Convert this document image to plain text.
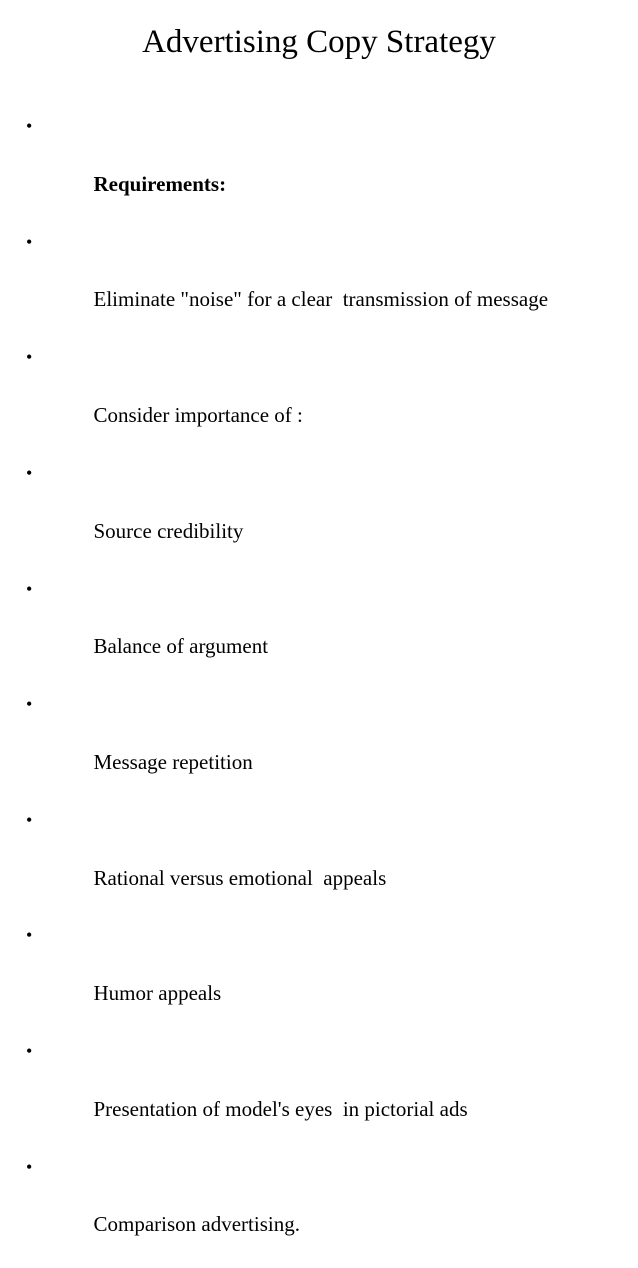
Advertising Copy Strategy

•

Requirements:

•

Eliminate "noise" for a clear  transmission of message

•

Consider importance of :

•

Source credibility

•

Balance of argument

•

Message repetition

•

Rational versus emotional  appeals

•

Humor appeals

•

Presentation of model's eyes  in pictorial ads

•

Comparison advertising.
